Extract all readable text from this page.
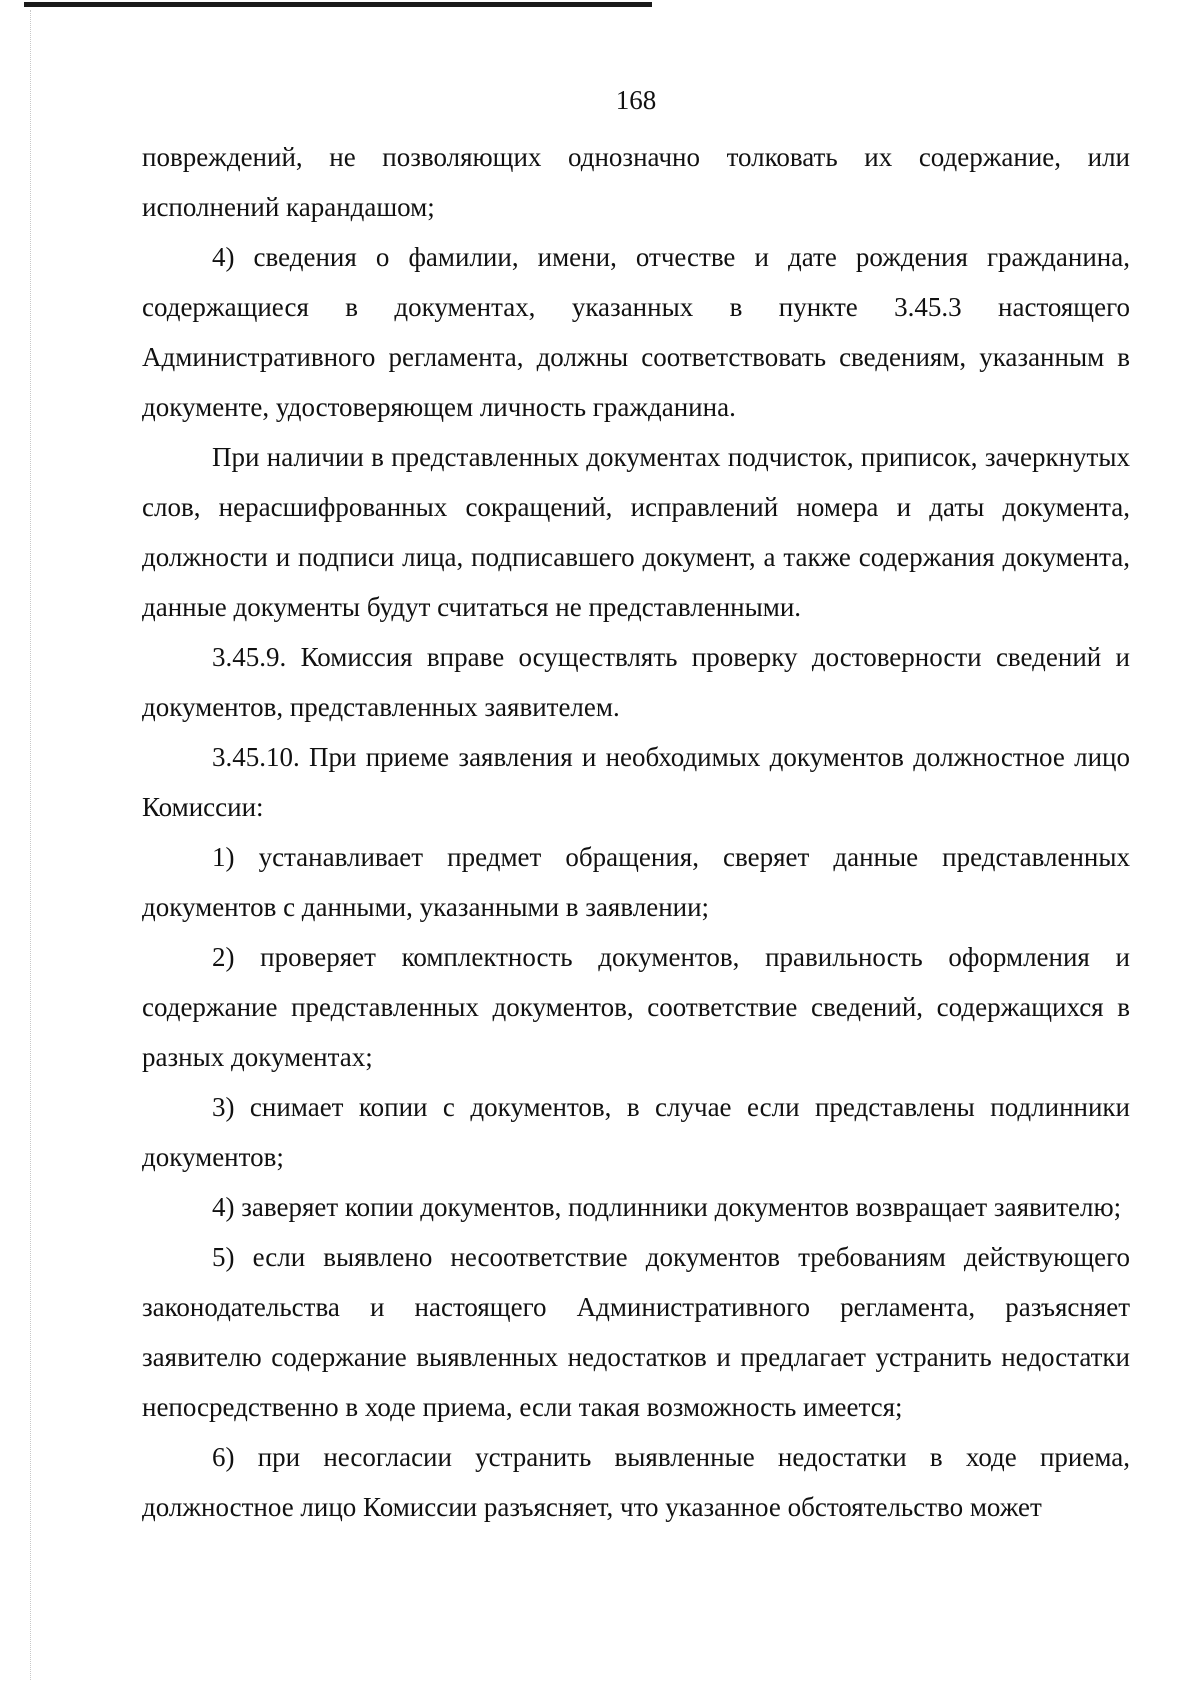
168

повреждений, не позволяющих однозначно толковать их содержание, или исполнений карандашом;

4) сведения о фамилии, имени, отчестве и дате рождения гражданина, содержащиеся в документах, указанных в пункте 3.45.3 настоящего Административного регламента, должны соответствовать сведениям, указанным в документе, удостоверяющем личность гражданина.

При наличии в представленных документах подчисток, приписок, зачеркнутых слов, нерасшифрованных сокращений, исправлений номера и даты документа, должности и подписи лица, подписавшего документ, а также содержания документа, данные документы будут считаться не представленными.

3.45.9. Комиссия вправе осуществлять проверку достоверности сведений и документов, представленных заявителем.

3.45.10. При приеме заявления и необходимых документов должностное лицо Комиссии:

1) устанавливает предмет обращения, сверяет данные представленных документов с данными, указанными в заявлении;

2) проверяет комплектность документов, правильность оформления и содержание представленных документов, соответствие сведений, содержащихся в разных документах;

3) снимает копии с документов, в случае если представлены подлинники документов;

4) заверяет копии документов, подлинники документов возвращает заявителю;

5) если выявлено несоответствие документов требованиям действующего законодательства и настоящего Административного регламента, разъясняет заявителю содержание выявленных недостатков и предлагает устранить недостатки непосредственно в ходе приема, если такая возможность имеется;

6) при несогласии устранить выявленные недостатки в ходе приема, должностное лицо Комиссии разъясняет, что указанное обстоятельство может
